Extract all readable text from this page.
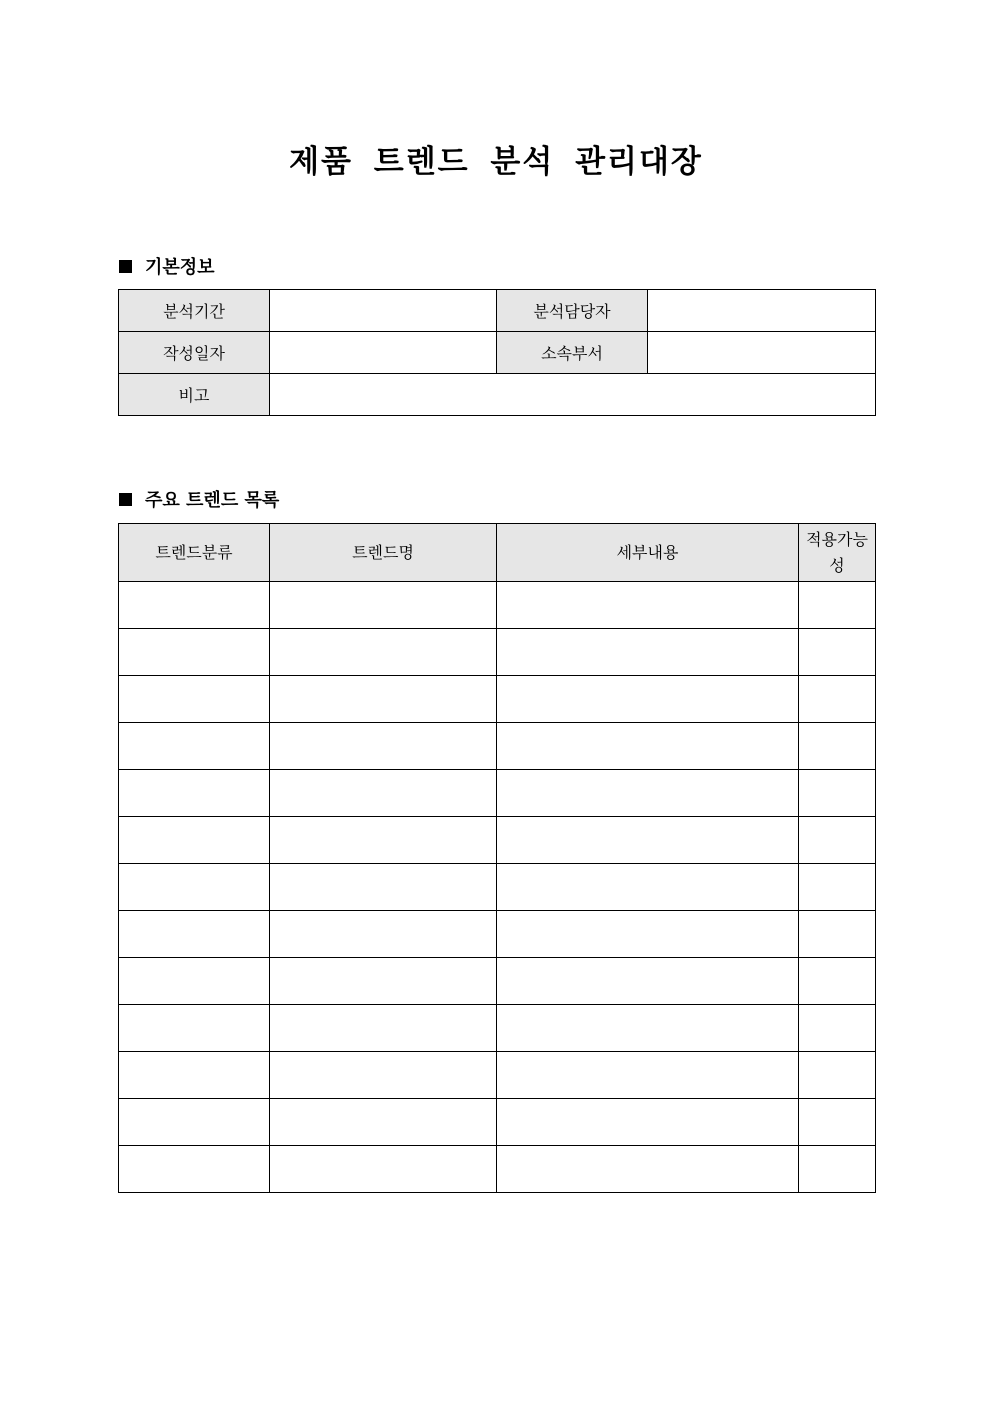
제품 트렌드 분석 관리대장
기본정보
분석기간		분석담당자	
작성일자		소속부서	
비고			
주요 트렌드 목록
트렌드분류	트렌드명	세부내용	적용가능성
